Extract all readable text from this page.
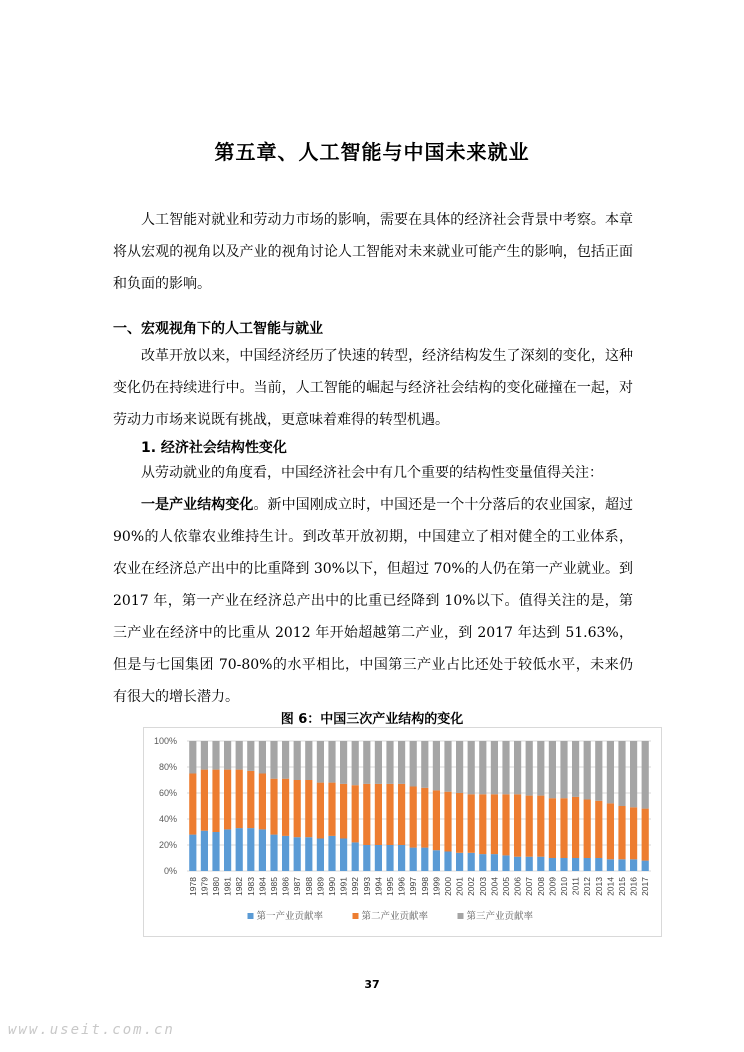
第五章、人工智能与中国未来就业
人工智能对就业和劳动力市场的影响，需要在具体的经济社会背景中考察。本章将从宏观的视角以及产业的视角讨论人工智能对未来就业可能产生的影响，包括正面和负面的影响。
一、宏观视角下的人工智能与就业
改革开放以来，中国经济经历了快速的转型，经济结构发生了深刻的变化，这种变化仍在持续进行中。当前，人工智能的崛起与经济社会结构的变化碰撞在一起，对劳动力市场来说既有挑战，更意味着难得的转型机遇。
1. 经济社会结构性变化
从劳动就业的角度看，中国经济社会中有几个重要的结构性变量值得关注：
一是产业结构变化。新中国刚成立时，中国还是一个十分落后的农业国家，超过 90%的人依靠农业维持生计。到改革开放初期，中国建立了相对健全的工业体系，农业在经济总产出中的比重降到 30%以下，但超过 70%的人仍在第一产业就业。到 2017 年，第一产业在经济总产出中的比重已经降到 10%以下。值得关注的是，第三产业在经济中的比重从 2012 年开始超越第二产业，到 2017 年达到 51.63%，但是与七国集团 70-80%的水平相比，中国第三产业占比还处于较低水平，未来仍有很大的增长潜力。
图 6：中国三次产业结构的变化
0%
20%
40%
60%
80%
100%
1978 1979 1980 1981 1982 1983 1984 1985 1986 1987 1988 1989 1990 1991 1992 1993 1994 1995 1996 1997 1998 1999 2000 2001 2002 2003 2004 2005 2006 2007 2008 2009 2010 2011 2012 2013 2014 2015 2016 2017
第一产业贡献率	第二产业贡献率	第三产业贡献率
37
www.useit.com.cn
